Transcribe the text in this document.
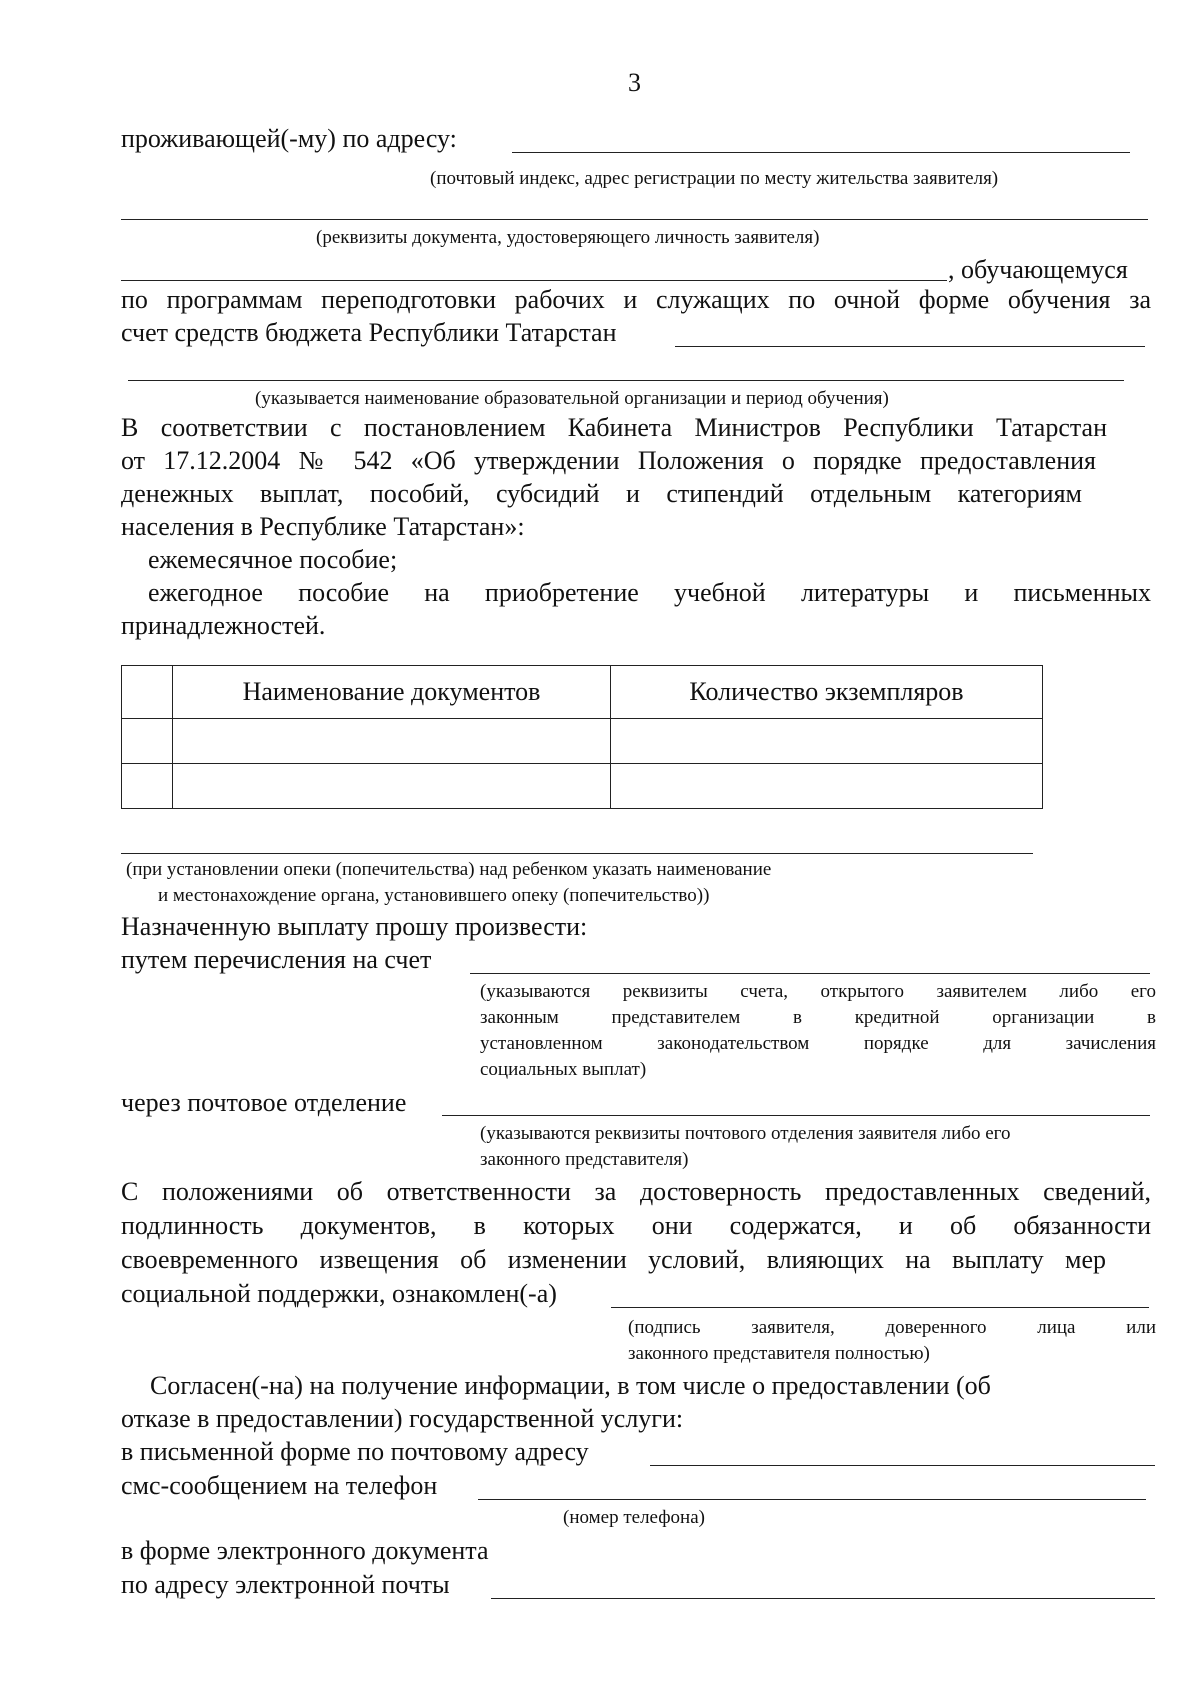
3
проживающей(-му) по адресу:
(почтовый индекс, адрес регистрации по месту жительства заявителя)
(реквизиты документа, удостоверяющего личность заявителя)
, обучающемуся
по программам переподготовки рабочих и служащих по очной форме обучения за
счет средств бюджета Республики Татарстан
(указывается наименование образовательной организации и период обучения)
В соответствии с постановлением Кабинета Министров Республики Татарстан
от 17.12.2004 № 542 «Об утверждении Положения о порядке предоставления
денежных выплат, пособий, субсидий и стипендий отдельным категориям
населения в Республике Татарстан»:
ежемесячное пособие;
ежегодное пособие на приобретение учебной литературы и письменных
принадлежностей.
	Наименование документов	Количество экземпляров

(при установлении опеки (попечительства) над ребенком указать наименование
и местонахождение органа, установившего опеку (попечительство))
Назначенную выплату прошу произвести:
путем перечисления на счет
(указываются реквизиты счета, открытого заявителем либо его
законным представителем в кредитной организации в
установленном законодательством порядке для зачисления
социальных выплат)
через почтовое отделение
(указываются реквизиты почтового отделения заявителя либо его
законного представителя)
С положениями об ответственности за достоверность предоставленных сведений,
подлинность документов, в которых они содержатся, и об обязанности
своевременного извещения об изменении условий, влияющих на выплату мер
социальной поддержки, ознакомлен(-а)
(подпись заявителя, доверенного лица или
законного представителя полностью)
Согласен(-на) на получение информации, в том числе о предоставлении (об
отказе в предоставлении) государственной услуги:
в письменной форме по почтовому адресу
смс-сообщением на телефон
(номер телефона)
в форме электронного документа
по адресу электронной почты
